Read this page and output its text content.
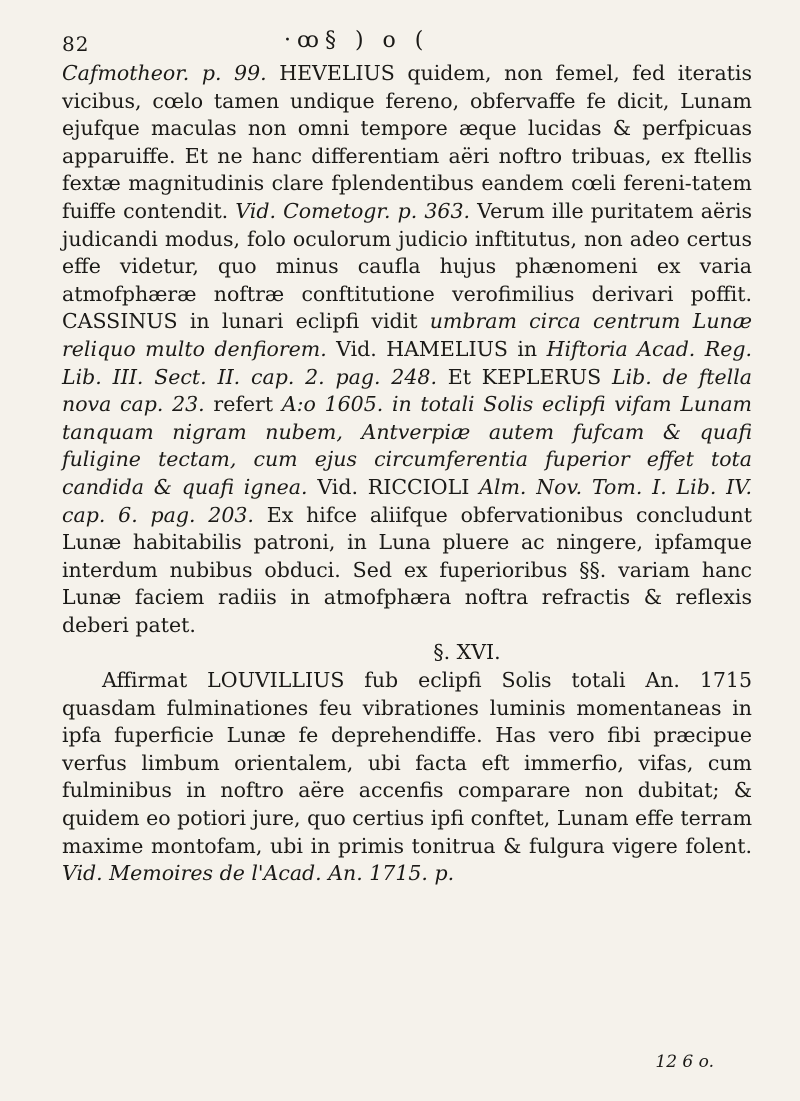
82	·ꝏ§ ) o (

Cafmotheor. p. 99. HEVELIUS quidem, non femel, fed iteratis vicibus, cœlo tamen undique fereno, obfervaffe fe dicit, Lunam ejufque maculas non omni tempore æque lucidas & perfpicuas apparuiffe. Et ne hanc differentiam aëri noftro tribuas, ex ftellis fextæ magnitudinis clare fplendentibus eandem cœli fereni-tatem fuiffe contendit. Vid. Cometogr. p. 363. Verum ille puritatem aëris judicandi modus, folo oculorum judicio inftitutus, non adeo certus effe videtur, quo minus caufla hujus phænomeni ex varia atmofphæræ noftræ conftitutione verofimilius derivari poffit. CASSINUS in lunari eclipfi vidit umbram circa centrum Lunæ reliquo multo denfiorem. Vid. HAMELIUS in Hiftoria Acad. Reg. Lib. III. Sect. II. cap. 2. pag. 248. Et KEPLERUS Lib. de ftella nova cap. 23. refert A:o 1605. in totali Solis eclipfi vifam Lunam tanquam nigram nubem, Antverpiæ autem fufcam & quafi fuligine tectam, cum ejus circumferentia fuperior effet tota candida & quafi ignea. Vid. RICCIOLI Alm. Nov. Tom. I. Lib. IV. cap. 6. pag. 203. Ex hifce aliifque obfervationibus concludunt Lunæ habitabilis patroni, in Luna pluere ac ningere, ipfamque interdum nubibus obduci. Sed ex fuperioribus §§. variam hanc Lunæ faciem radiis in atmofphæra noftra refractis & reflexis deberi patet.

§. XVI.

Affirmat LOUVILLIUS fub eclipfi Solis totali An. 1715 quasdam fulminationes feu vibrationes luminis momentaneas in ipfa fuperficie Lunæ fe deprehendiffe. Has vero fibi præcipue verfus limbum orientalem, ubi facta eft immerfio, vifas, cum fulminibus in noftro aëre accenfis comparare non dubitat; & quidem eo potiori jure, quo certius ipfi conftet, Lunam effe terram maxime montofam, ubi in primis tonitrua & fulgura vigere folent. Vid. Memoires de l'Acad. An. 1715. p.

12 6 o.
